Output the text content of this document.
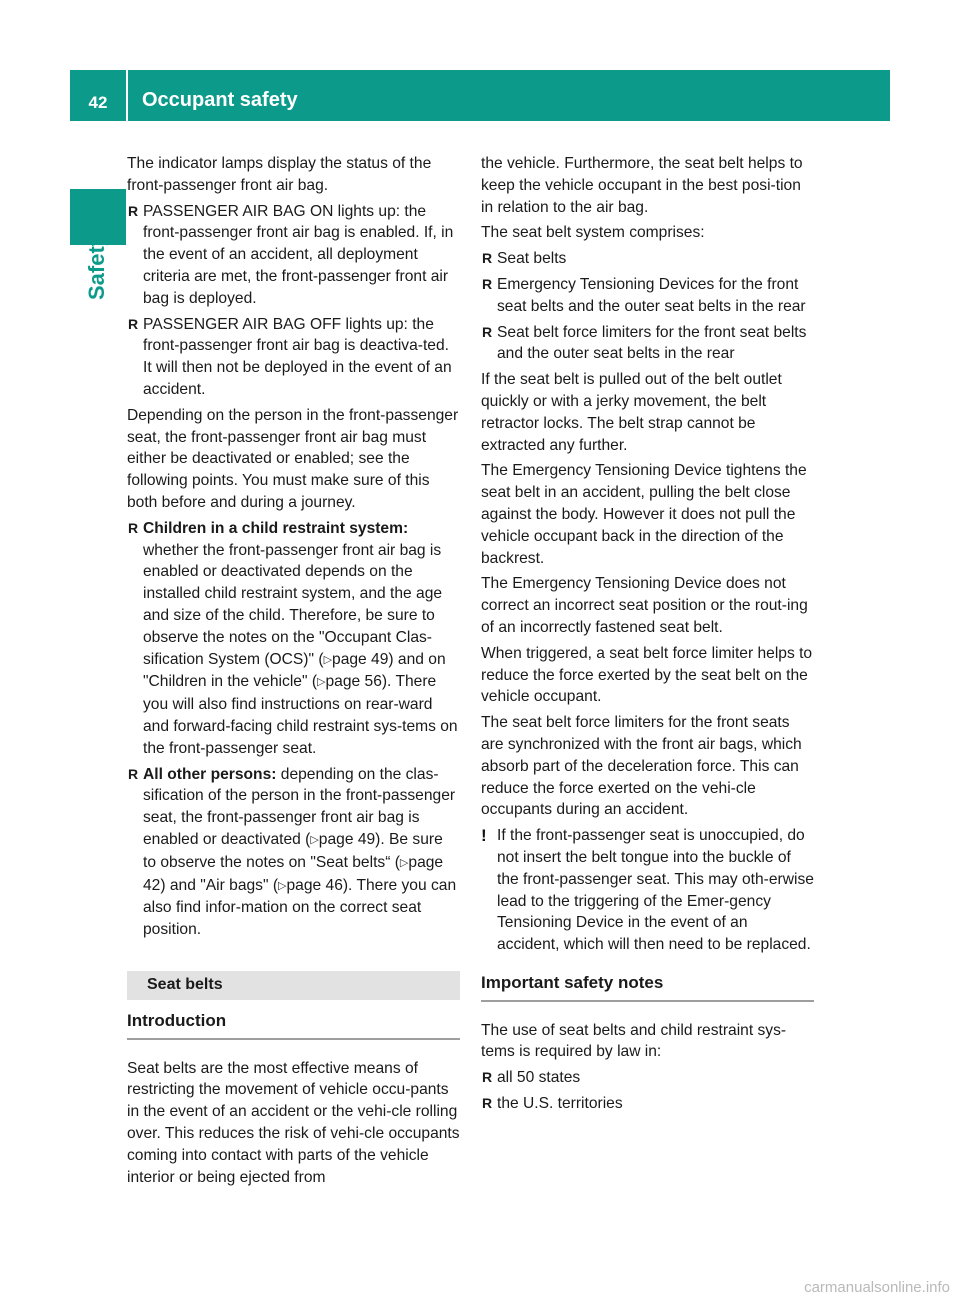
42	Occupant safety
Safety

The indicator lamps display the status of the front-passenger front air bag.

R PASSENGER AIR BAG ON lights up: the front-passenger front air bag is enabled. If, in the event of an accident, all deployment criteria are met, the front-passenger front air bag is deployed.
R PASSENGER AIR BAG OFF lights up: the front-passenger front air bag is deactiva-ted. It will then not be deployed in the event of an accident.

Depending on the person in the front-passenger seat, the front-passenger front air bag must either be deactivated or enabled; see the following points. You must make sure of this both before and during a journey.

R Children in a child restraint system:
whether the front-passenger front air bag is enabled or deactivated depends on the installed child restraint system, and the age and size of the child. Therefore, be sure to observe the notes on the "Occupant Clas-sification System (OCS)" (▷page 49) and on "Children in the vehicle" (▷page 56). There you will also find instructions on rear-ward and forward-facing child restraint sys-tems on the front-passenger seat.
R All other persons: depending on the clas-sification of the person in the front-passenger seat, the front-passenger front air bag is enabled or deactivated (▷page 49). Be sure to observe the notes on "Seat belts“ (▷page 42) and "Air bags" (▷page 46). There you can also find infor-mation on the correct seat position.
Seat belts
Introduction

Seat belts are the most effective means of restricting the movement of vehicle occu-pants in the event of an accident or the vehi-cle rolling over. This reduces the risk of vehi-cle occupants coming into contact with parts of the vehicle interior or being ejected from

the vehicle. Furthermore, the seat belt helps to keep the vehicle occupant in the best posi-tion in relation to the air bag.

The seat belt system comprises:

R Seat belts
R Emergency Tensioning Devices for the front seat belts and the outer seat belts in the rear
R Seat belt force limiters for the front seat belts and the outer seat belts in the rear

If the seat belt is pulled out of the belt outlet quickly or with a jerky movement, the belt retractor locks. The belt strap cannot be extracted any further.

The Emergency Tensioning Device tightens the seat belt in an accident, pulling the belt close against the body. However it does not pull the vehicle occupant back in the direction of the backrest.

The Emergency Tensioning Device does not correct an incorrect seat position or the rout-ing of an incorrectly fastened seat belt.

When triggered, a seat belt force limiter helps to reduce the force exerted by the seat belt on the vehicle occupant.

The seat belt force limiters for the front seats are synchronized with the front air bags, which absorb part of the deceleration force. This can reduce the force exerted on the vehi-cle occupants during an accident.

! If the front-passenger seat is unoccupied, do not insert the belt tongue into the buckle of the front-passenger seat. This may oth-erwise lead to the triggering of the Emer-gency Tensioning Device in the event of an accident, which will then need to be replaced.
Important safety notes

The use of seat belts and child restraint sys-tems is required by law in:

R all 50 states
R the U.S. territories
carmanualsonline.info
